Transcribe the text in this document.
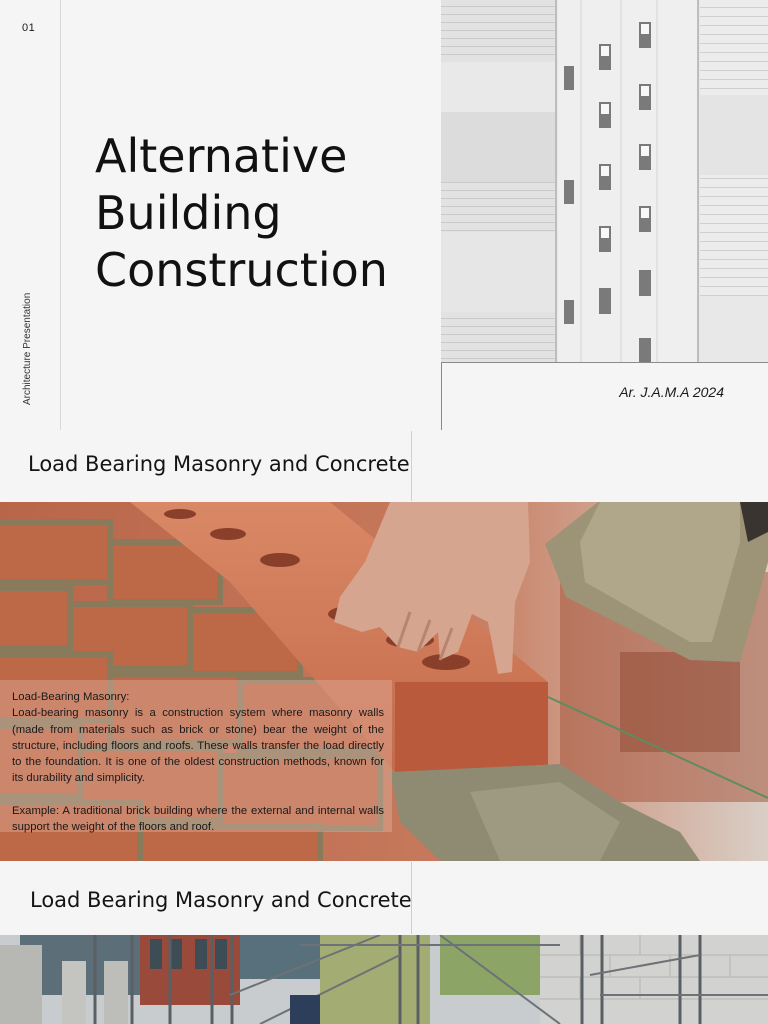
01
Architecture Presentation
Alternative
Building
Construction
Ar. J.A.M.A 2024
Load Bearing Masonry and Concrete

Load-Bearing Masonry:

Load-bearing masonry is a construction system where masonry walls (made from materials such as brick or stone) bear the weight of the structure, including floors and roofs. These walls transfer the load directly to the foundation. It is one of the oldest construction methods, known for its durability and simplicity.

Example: A traditional brick building where the external and internal walls support the weight of the floors and roof.

Load Bearing Masonry and Concrete
